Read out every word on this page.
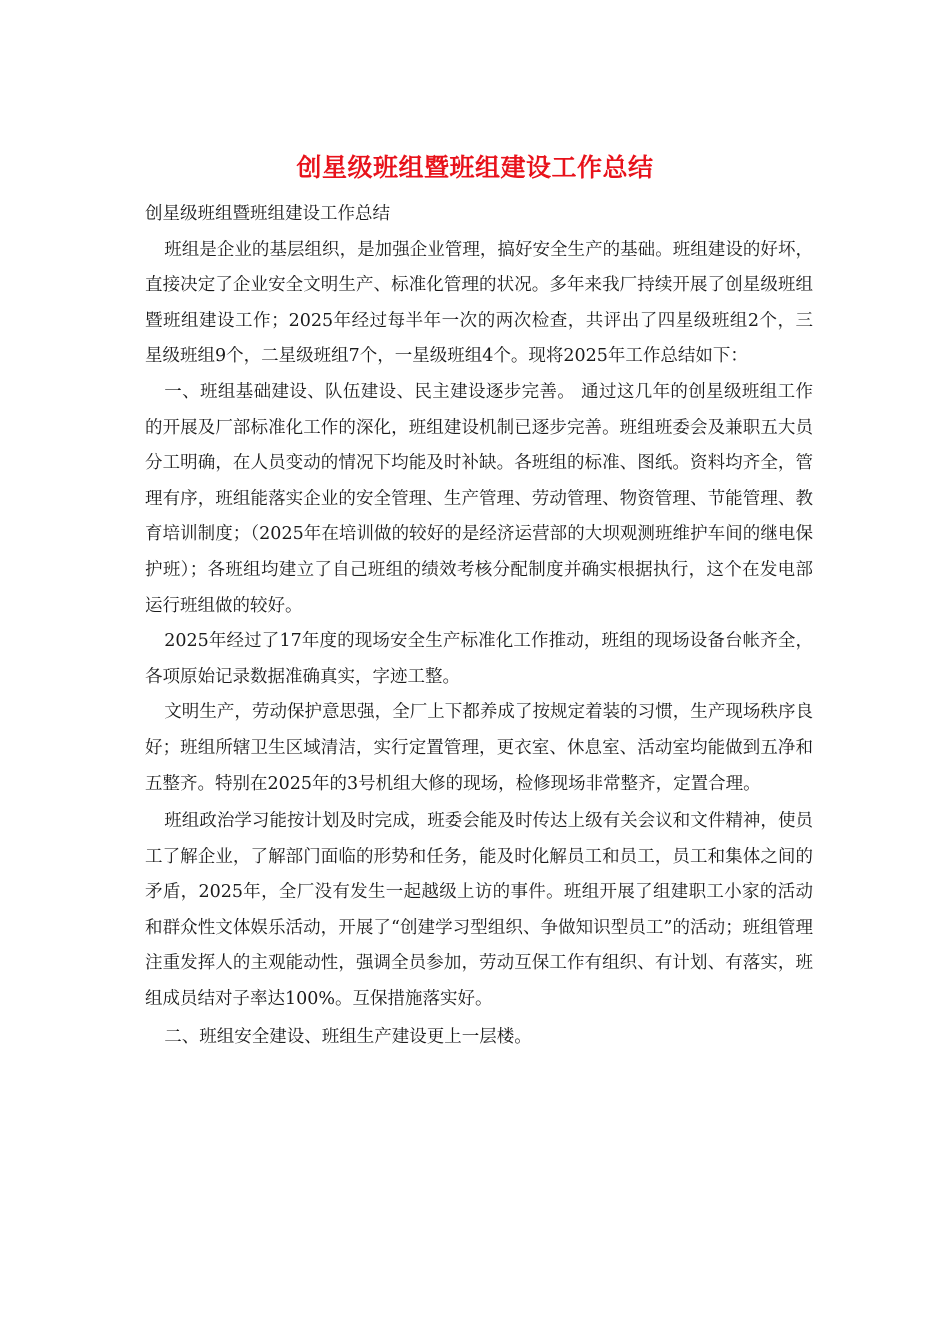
创星级班组暨班组建设工作总结

创星级班组暨班组建设工作总结

班组是企业的基层组织，是加强企业管理，搞好安全生产的基础。班组建设的好坏，直接决定了企业安全文明生产、标准化管理的状况。多年来我厂持续开展了创星级班组暨班组建设工作；2025年经过每半年一次的两次检查，共评出了四星级班组2个，三星级班组9个，二星级班组7个，一星级班组4个。现将2025年工作总结如下：

一、班组基础建设、队伍建设、民主建设逐步完善。 通过这几年的创星级班组工作的开展及厂部标准化工作的深化，班组建设机制已逐步完善。班组班委会及兼职五大员分工明确，在人员变动的情况下均能及时补缺。各班组的标准、图纸。资料均齐全，管理有序，班组能落实企业的安全管理、生产管理、劳动管理、物资管理、节能管理、教育培训制度；（2025年在培训做的较好的是经济运营部的大坝观测班维护车间的继电保护班）；各班组均建立了自己班组的绩效考核分配制度并确实根据执行，这个在发电部运行班组做的较好。

2025年经过了17年度的现场安全生产标准化工作推动，班组的现场设备台帐齐全，各项原始记录数据准确真实，字迹工整。

文明生产，劳动保护意思强，全厂上下都养成了按规定着装的习惯，生产现场秩序良好；班组所辖卫生区域清洁，实行定置管理，更衣室、休息室、活动室均能做到五净和五整齐。特别在2025年的3号机组大修的现场，检修现场非常整齐，定置合理。

班组政治学习能按计划及时完成，班委会能及时传达上级有关会议和文件精神，使员工了解企业，了解部门面临的形势和任务，能及时化解员工和员工，员工和集体之间的矛盾，2025年，全厂没有发生一起越级上访的事件。班组开展了组建职工小家的活动和群众性文体娱乐活动，开展了“创建学习型组织、争做知识型员工”的活动；班组管理注重发挥人的主观能动性，强调全员参加，劳动互保工作有组织、有计划、有落实，班组成员结对子率达100%。互保措施落实好。

二、班组安全建设、班组生产建设更上一层楼。
